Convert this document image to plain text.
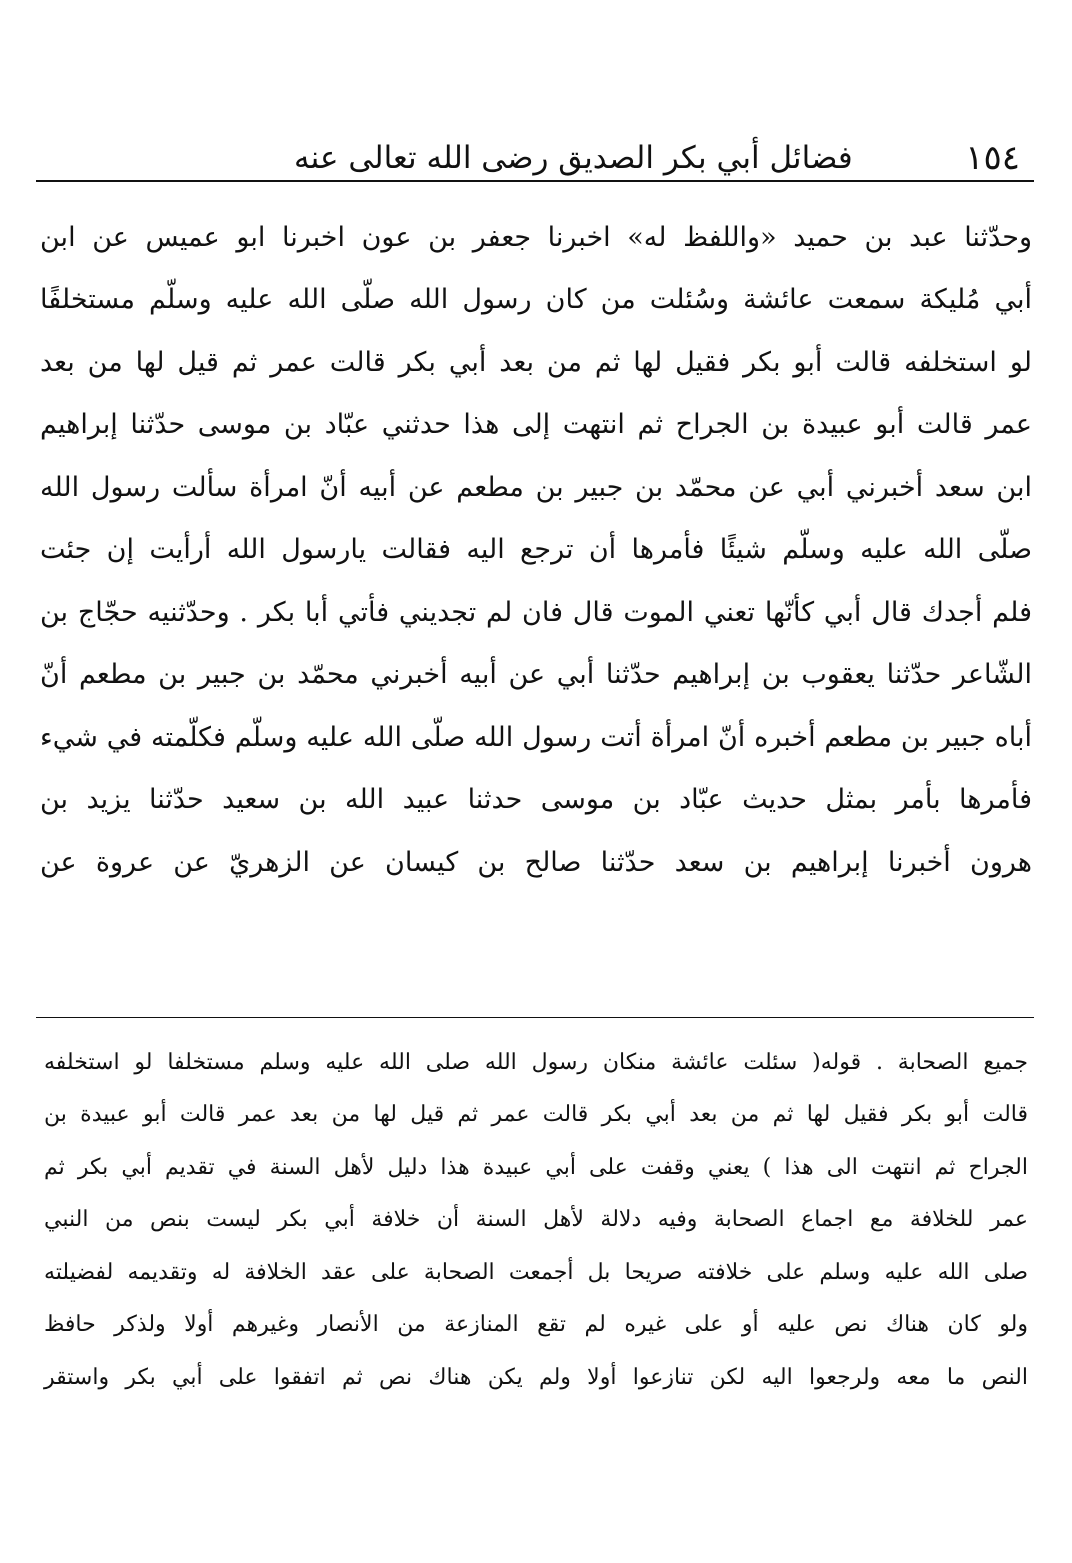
١٥٤
فضائل أبي بكر الصديق رضى الله تعالى عنه
وحدّثنا عبد بن حميد «واللفظ له» اخبرنا جعفر بن عون اخبرنا ابو عميس عن ابن
أبي مُليكة سمعت عائشة وسُئلت من كان رسول الله صلّى الله عليه وسلّم مستخلفًا
لو استخلفه قالت أبو بكر فقيل لها ثم من بعد أبي بكر قالت عمر ثم قيل لها من بعد
عمر قالت أبو عبيدة بن الجراح ثم انتهت إلى هذا حدثني عبّاد بن موسى حدّثنا إبراهيم
ابن سعد أخبرني أبي عن محمّد بن جبير بن مطعم عن أبيه أنّ امرأة سألت رسول الله
صلّى الله عليه وسلّم شيئًا فأمرها أن ترجع اليه فقالت يارسول الله أرأيت إن جئت
فلم أجدك قال أبي كأنّها تعني الموت قال فان لم تجديني فأتي أبا بكر . وحدّثنيه حجّاج بن
الشّاعر حدّثنا يعقوب بن إبراهيم حدّثنا أبي عن أبيه أخبرني محمّد بن جبير بن مطعم أنّ
أباه جبير بن مطعم أخبره أنّ امرأة أتت رسول الله صلّى الله عليه وسلّم فكلّمته في شيء
فأمرها بأمر بمثل حديث عبّاد بن موسى حدثنا عبيد الله بن سعيد حدّثنا يزيد بن
هرون أخبرنا إبراهيم بن سعد حدّثنا صالح بن كيسان عن الزهريّ عن عروة عن
جميع الصحابة . قوله( سئلت عائشة منكان رسول الله صلى الله عليه وسلم مستخلفا لو استخلفه
قالت أبو بكر فقيل لها ثم من بعد أبي بكر قالت عمر ثم قيل لها من بعد عمر قالت أبو عبيدة بن
الجراح ثم انتهت الى هذا ) يعني وقفت على أبي عبيدة هذا دليل لأهل السنة في تقديم أبي بكر ثم
عمر للخلافة مع اجماع الصحابة وفيه دلالة لأهل السنة أن خلافة أبي بكر ليست بنص من النبي
صلى الله عليه وسلم على خلافته صريحا بل أجمعت الصحابة على عقد الخلافة له وتقديمه لفضيلته
ولو كان هناك نص عليه أو على غيره لم تقع المنازعة من الأنصار وغيرهم أولا ولذكر حافظ
النص ما معه ولرجعوا اليه لكن تنازعوا أولا ولم يكن هناك نص ثم اتفقوا على أبي بكر واستقر
